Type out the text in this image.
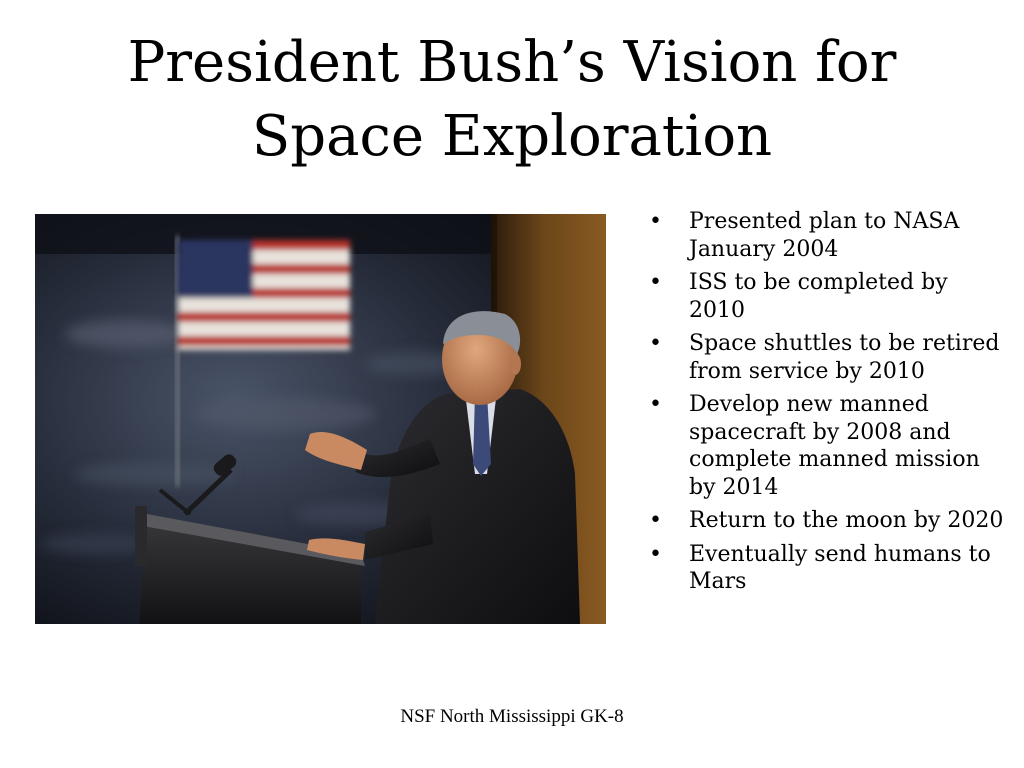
President Bush’s Vision for
Space Exploration
• Presented plan to NASA January 2004
• ISS to be completed by 2010
• Space shuttles to be retired from service by 2010
• Develop new manned spacecraft by 2008 and complete manned mission by 2014
• Return to the moon by 2020
• Eventually send humans to Mars
NSF North Mississippi GK-8
